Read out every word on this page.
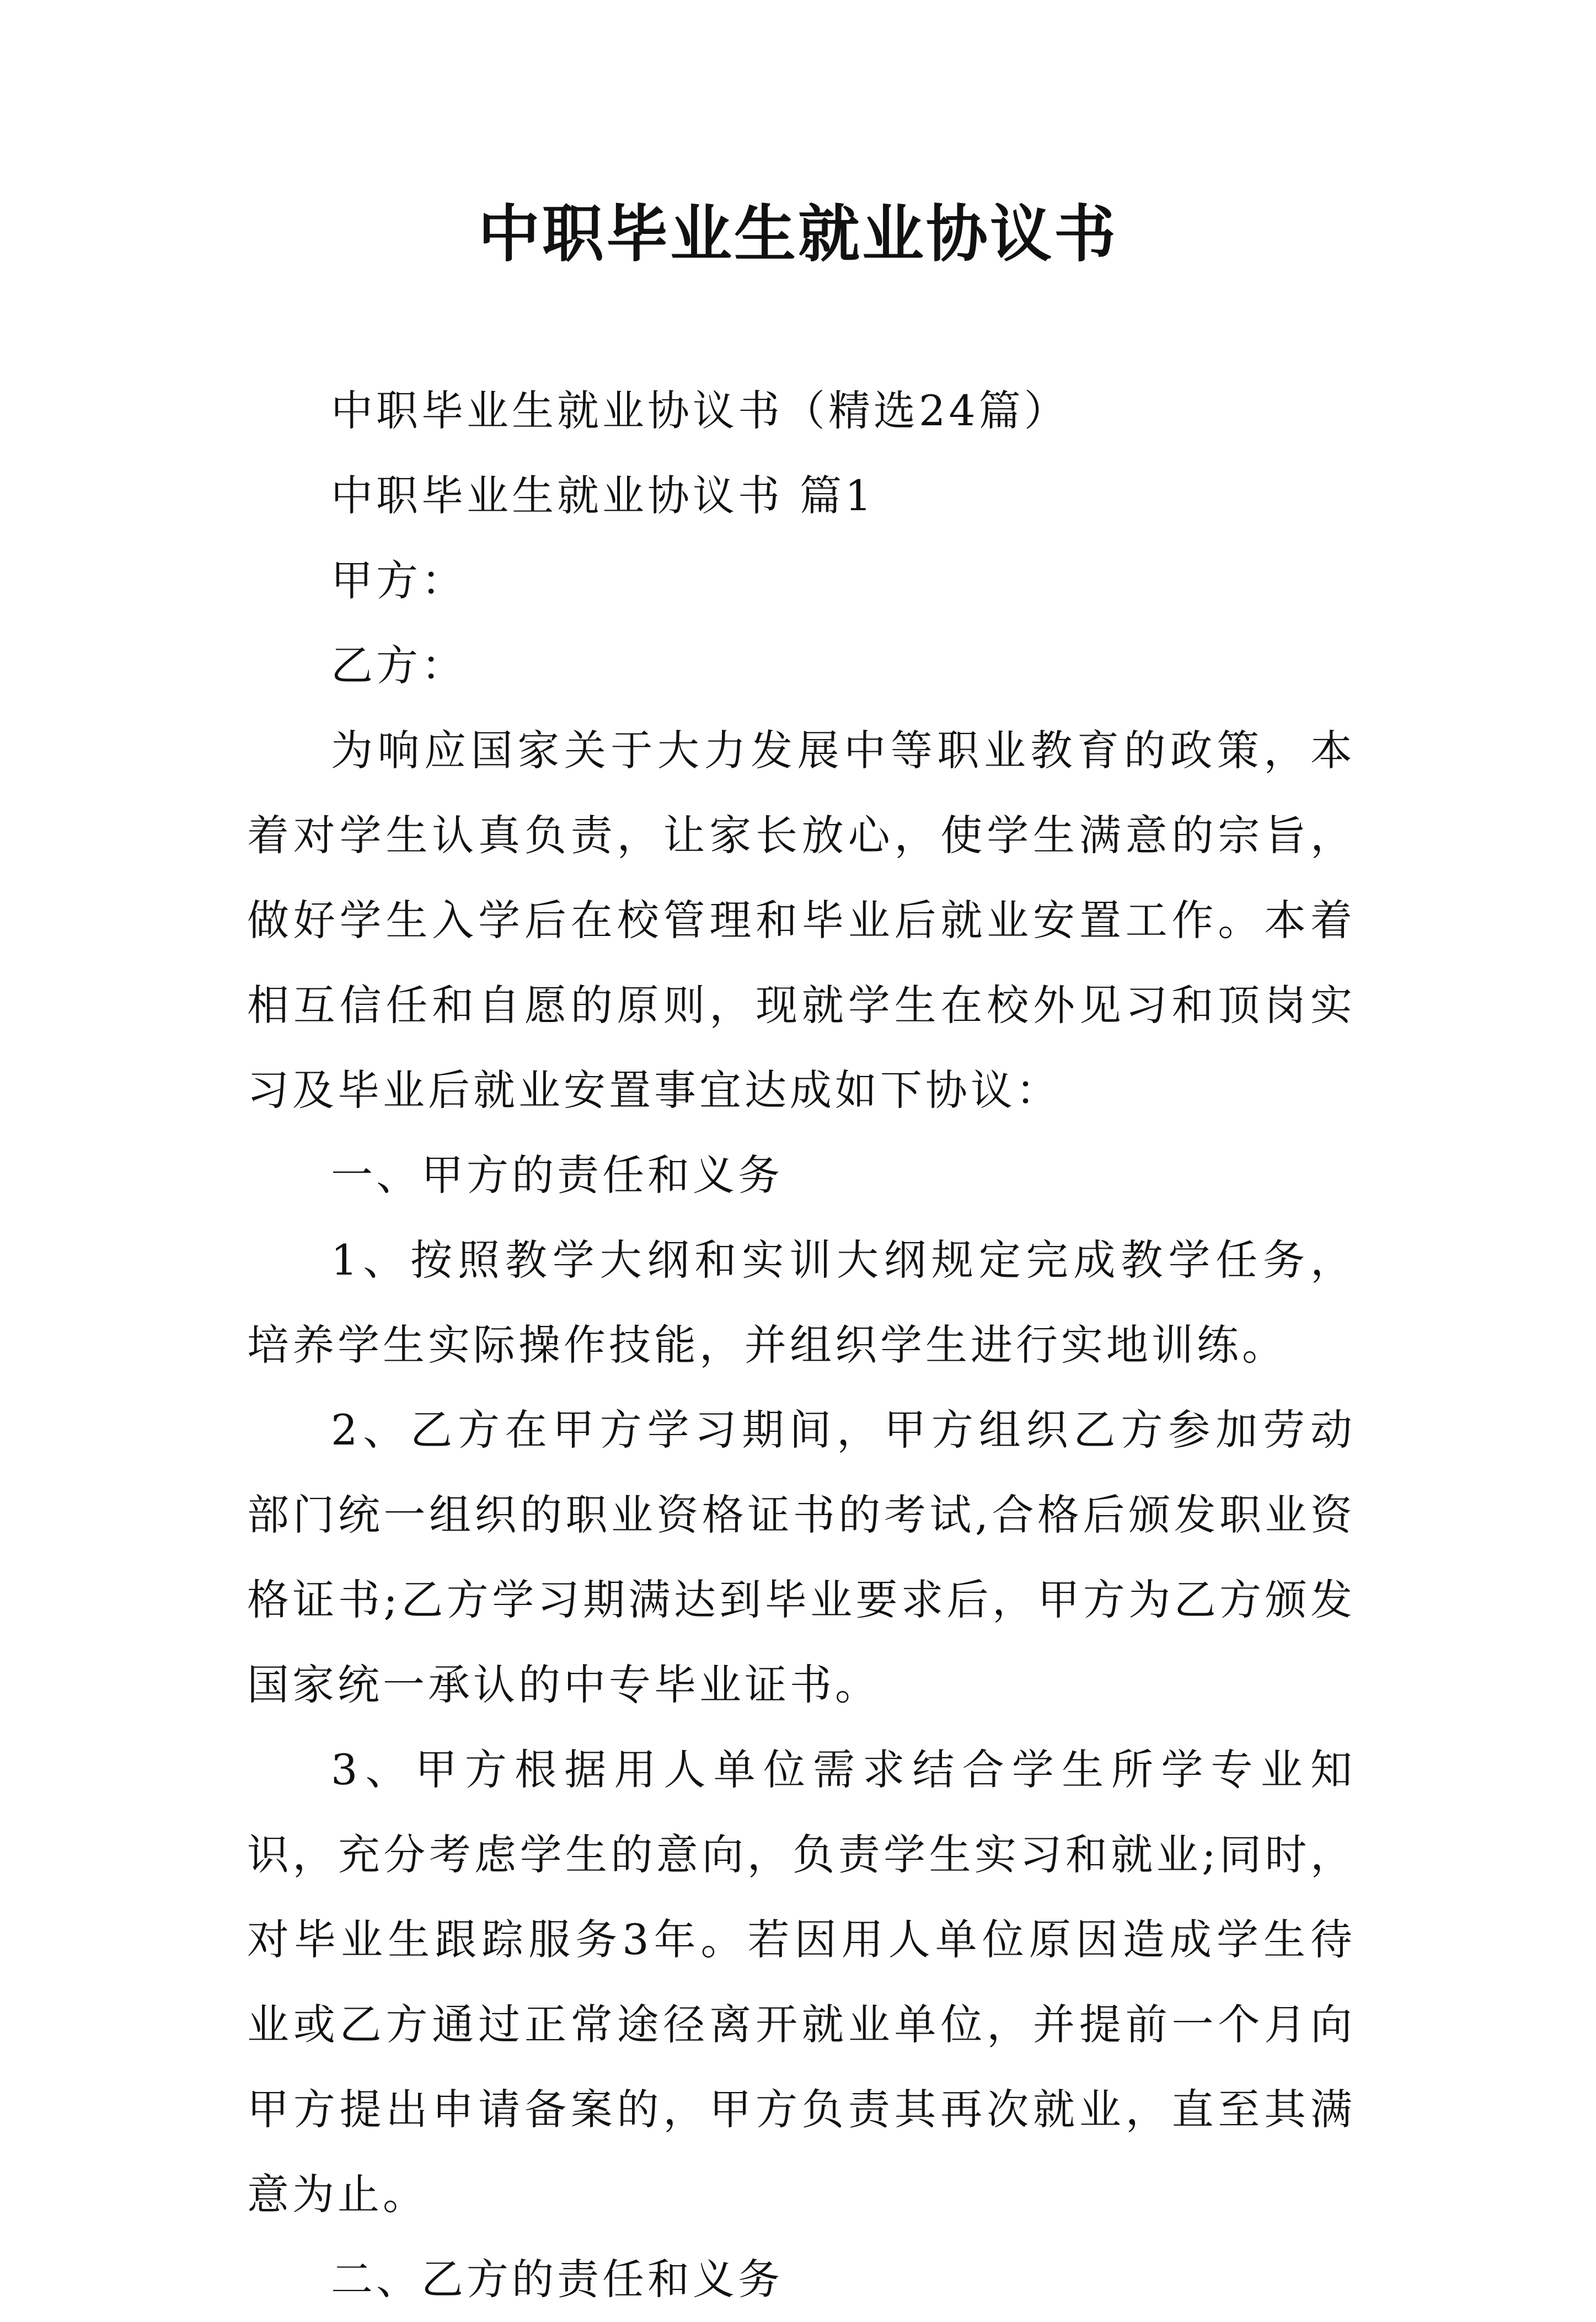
中职毕业生就业协议书

中职毕业生就业协议书（精选24篇）

中职毕业生就业协议书 篇1

甲方：

乙方：

为响应国家关于大力发展中等职业教育的政策，本着对学生认真负责，让家长放心，使学生满意的宗旨，做好学生入学后在校管理和毕业后就业安置工作。本着相互信任和自愿的原则，现就学生在校外见习和顶岗实习及毕业后就业安置事宜达成如下协议：

一、甲方的责任和义务

1、按照教学大纲和实训大纲规定完成教学任务，培养学生实际操作技能，并组织学生进行实地训练。

2、乙方在甲方学习期间，甲方组织乙方参加劳动部门统一组织的职业资格证书的考试,合格后颁发职业资格证书;乙方学习期满达到毕业要求后，甲方为乙方颁发国家统一承认的中专毕业证书。

3、甲方根据用人单位需求结合学生所学专业知识，充分考虑学生的意向，负责学生实习和就业;同时，对毕业生跟踪服务3年。若因用人单位原因造成学生待业或乙方通过正常途径离开就业单位，并提前一个月向甲方提出申请备案的，甲方负责其再次就业，直至其满意为止。

二、乙方的责任和义务
